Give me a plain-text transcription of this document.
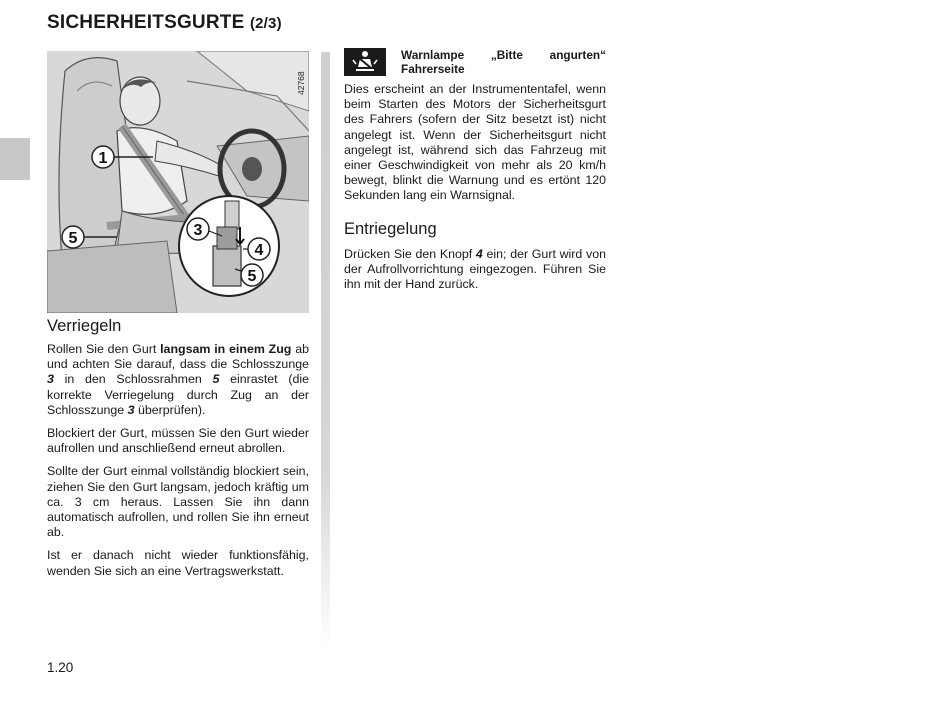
SICHERHEITSGURTE (2/3)
1
5	3
4
5
42768
Verriegeln

Rollen Sie den Gurt langsam in einem Zug ab und achten Sie darauf, dass die Schlosszunge 3 in den Schlossrahmen 5 einrastet (die korrekte Verriegelung durch Zug an der Schlosszunge 3 überprüfen).

Blockiert der Gurt, müssen Sie den Gurt wieder aufrollen und anschließend erneut abrollen.

Sollte der Gurt einmal vollständig blockiert sein, ziehen Sie den Gurt langsam, jedoch kräftig um ca. 3 cm heraus. Lassen Sie ihn dann automatisch aufrollen, und rollen Sie ihn erneut ab.

Ist er danach nicht wieder funktionsfähig, wenden Sie sich an eine Vertragswerkstatt.

Warnlampe „Bitte angurten“ Fahrerseite

Dies erscheint an der Instrumententafel, wenn beim Starten des Motors der Sicherheitsgurt des Fahrers (sofern der Sitz besetzt ist) nicht angelegt ist. Wenn der Sicherheitsgurt nicht angelegt ist, während sich das Fahrzeug mit einer Geschwindigkeit von mehr als 20 km/h bewegt, blinkt die Warnung und es ertönt 120 Sekunden lang ein Warnsignal.

Entriegelung

Drücken Sie den Knopf 4 ein; der Gurt wird von der Aufrollvorrichtung eingezogen. Führen Sie ihn mit der Hand zurück.

1.20
